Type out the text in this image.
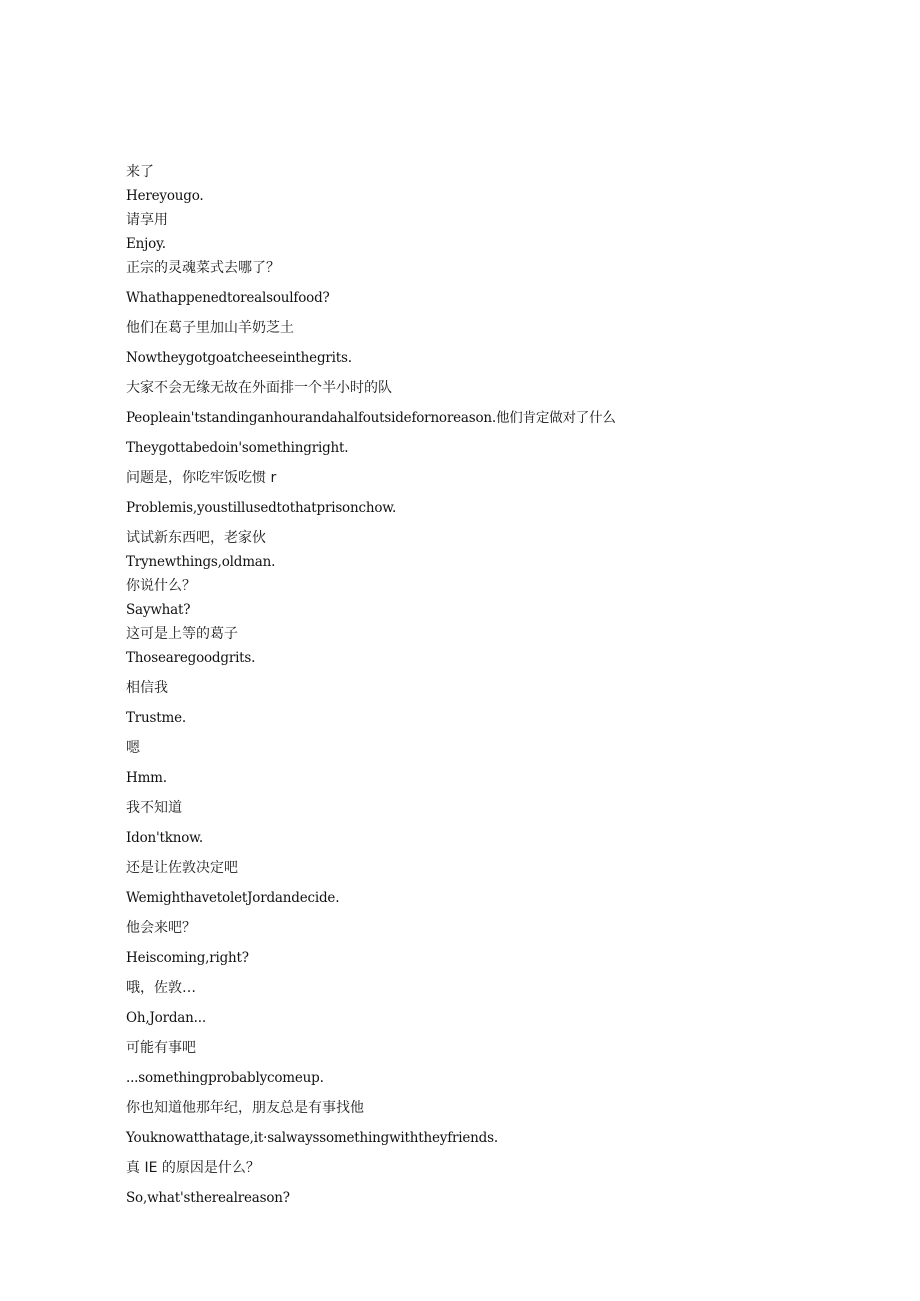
来了
Hereyougo.
请享用
Enjoy.
正宗的灵魂菜式去哪了？
Whathappenedtorealsoulfood?
他们在葛子里加山羊奶芝土
Nowtheygotgoatcheeseinthegrits.
大家不会无缘无故在外面排一个半小时的队
Peopleain'tstandinganhourandahalfoutsidefornoreason.他们肯定做对了什么
Theygottabedoin'somethingright.
问题是，你吃牢饭吃惯 r
Problemis,youstillusedtothatprisonchow.
试试新东西吧，老家伙
Trynewthings,oldman.
你说什么？
Saywhat?
这可是上等的葛子
Thosearegoodgrits.
相信我
Trustme.
嗯
Hmm.
我不知道
Idon'tknow.
还是让佐敦决定吧
WemighthavetoletJordandecide.
他会来吧？
Heiscoming,right?
哦，佐敦…
Oh,Jordan...
可能有事吧
...somethingprobablycomeup.
你也知道他那年纪，朋友总是有事找他
Youknowatthatage,it·salwayssomethingwiththeyfriends.
真 IE 的原因是什么？
So,what'stherealreason?
